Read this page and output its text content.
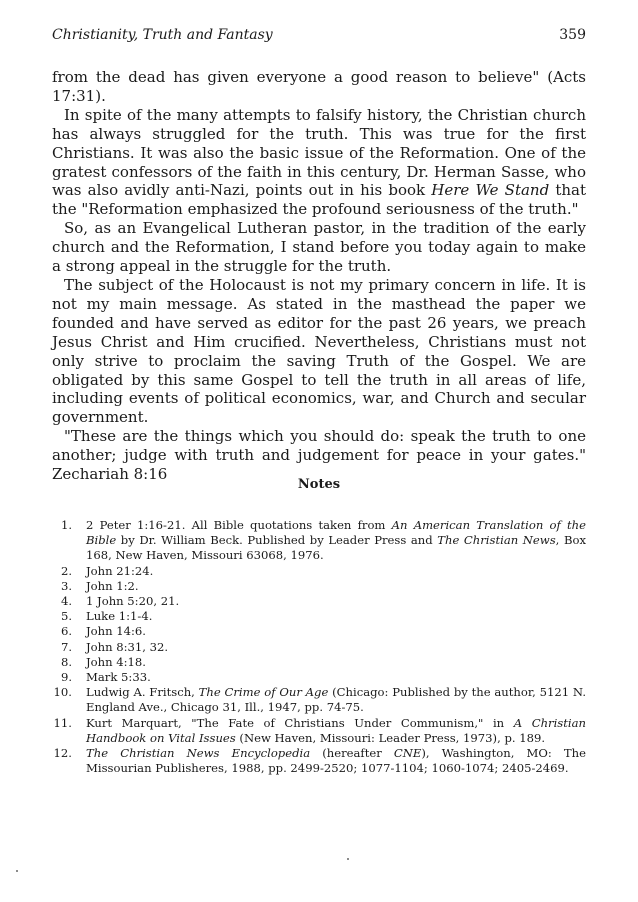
Christianity, Truth and Fantasy	359

from the dead has given everyone a good reason to believe" (Acts 17:31).

In spite of the many attempts to falsify history, the Christian church has always struggled for the truth. This was true for the first Christians. It was also the basic issue of the Reformation. One of the gratest confessors of the faith in this century, Dr. Herman Sasse, who was also avidly anti-Nazi, points out in his book Here We Stand that the "Reformation emphasized the profound seriousness of the truth."

So, as an Evangelical Lutheran pastor, in the tradition of the early church and the Reformation, I stand before you today again to make a strong appeal in the struggle for the truth.

The subject of the Holocaust is not my primary concern in life. It is not my main message. As stated in the masthead the paper we founded and have served as editor for the past 26 years, we preach Jesus Christ and Him crucified. Nevertheless, Christians must not only strive to proclaim the saving Truth of the Gospel. We are obligated by this same Gospel to tell the truth in all areas of life, including events of political economics, war, and Church and secular government.

"These are the things which you should do: speak the truth to one another; judge with truth and judgement for peace in your gates." Zechariah 8:16

Notes
1.	2 Peter 1:16-21. All Bible quotations taken from An American Translation of the Bible by Dr. William Beck. Published by Leader Press and The Christian News, Box 168, New Haven, Missouri 63068, 1976.
2.	John 21:24.
3.	John 1:2.
4.	1 John 5:20, 21.
5.	Luke 1:1-4.
6.	John 14:6.
7.	John 8:31, 32.
8.	John 4:18.
9.	Mark 5:33.
10.	Ludwig A. Fritsch, The Crime of Our Age (Chicago: Published by the author, 5121 N. England Ave., Chicago 31, Ill., 1947, pp. 74-75.
11.	Kurt Marquart, "The Fate of Christians Under Communism," in A Christian Handbook on Vital Issues (New Haven, Missouri: Leader Press, 1973), p. 189.
12.	The Christian News Encyclopedia (hereafter CNE), Washington, MO: The Missourian Publisheres, 1988, pp. 2499-2520; 1077-1104; 1060-1074; 2405-2469.
